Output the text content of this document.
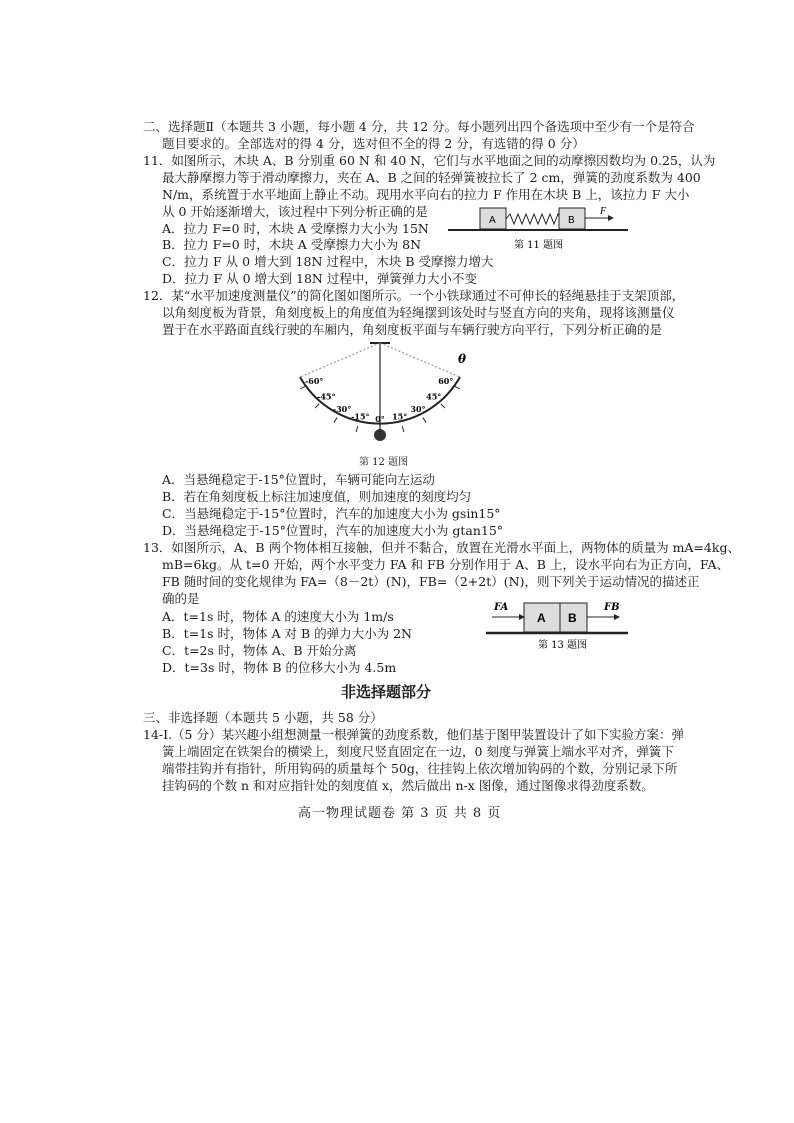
二、选择题Ⅱ（本题共 3 小题，每小题 4 分，共 12 分。每小题列出四个备选项中至少有一个是符合
题目要求的。全部选对的得 4 分，选对但不全的得 2 分，有选错的得 0 分）
11．如图所示，木块 A、B 分别重 60 N 和 40 N，它们与水平地面之间的动摩擦因数均为 0.25，认为
最大静摩擦力等于滑动摩擦力，夹在 A、B 之间的轻弹簧被拉长了 2 cm，弹簧的劲度系数为 400
N/m，系统置于水平地面上静止不动。现用水平向右的拉力 F 作用在木块 B 上，该拉力 F 大小
从 0 开始逐渐增大，该过程中下列分析正确的是
A．拉力 F=0 时，木块 A 受摩擦力大小为 15N
B．拉力 F=0 时，木块 A 受摩擦力大小为 8N
C．拉力 F 从 0 增大到 18N 过程中，木块 B 受摩擦力增大
D．拉力 F 从 0 增大到 18N 过程中，弹簧弹力大小不变
A	B
F
第 11 题图
12．某“水平加速度测量仪”的简化图如图所示。一个小铁球通过不可伸长的轻绳悬挂于支架顶部，
以角刻度板为背景，角刻度板上的角度值为轻绳摆到该处时与竖直方向的夹角，现将该测量仪
置于在水平路面直线行驶的车厢内，角刻度板平面与车辆行驶方向平行，下列分析正确的是
-60°
-45°
-30°
-15° 0° 15°
30°
45°
60°
θ
第 12 题图
A．当悬绳稳定于-15°位置时，车辆可能向左运动
B．若在角刻度板上标注加速度值，则加速度的刻度均匀
C．当悬绳稳定于-15°位置时，汽车的加速度大小为 gsin15°
D．当悬绳稳定于-15°位置时，汽车的加速度大小为 gtan15°
13．如图所示，A、B 两个物体相互接触，但并不黏合，放置在光滑水平面上，两物体的质量为 mA=4kg、
mB=6kg。从 t=0 开始，两个水平变力 FA 和 FB 分别作用于 A、B 上，设水平向右为正方向，FA、
FB 随时间的变化规律为 FA=（8－2t）(N)，FB=（2+2t）(N)，则下列关于运动情况的描述正
确的是
A．t=1s 时，物体 A 的速度大小为 1m/s
B．t=1s 时，物体 A 对 B 的弹力大小为 2N
C．t=2s 时，物体 A、B 开始分离
D．t=3s 时，物体 B 的位移大小为 4.5m
A B
FA	FB
第 13 题图
非选择题部分
三、非选择题（本题共 5 小题，共 58 分）
14-Ⅰ.（5 分）某兴趣小组想测量一根弹簧的劲度系数，他们基于图甲装置设计了如下实验方案：弹
簧上端固定在铁架台的横梁上，刻度尺竖直固定在一边，0 刻度与弹簧上端水平对齐，弹簧下
端带挂钩并有指针，所用钩码的质量每个 50g，往挂钩上依次增加钩码的个数，分别记录下所
挂钩码的个数 n 和对应指针处的刻度值 x，然后做出 n-x 图像，通过图像求得劲度系数。
高一物理试题卷 第 3 页 共 8 页
